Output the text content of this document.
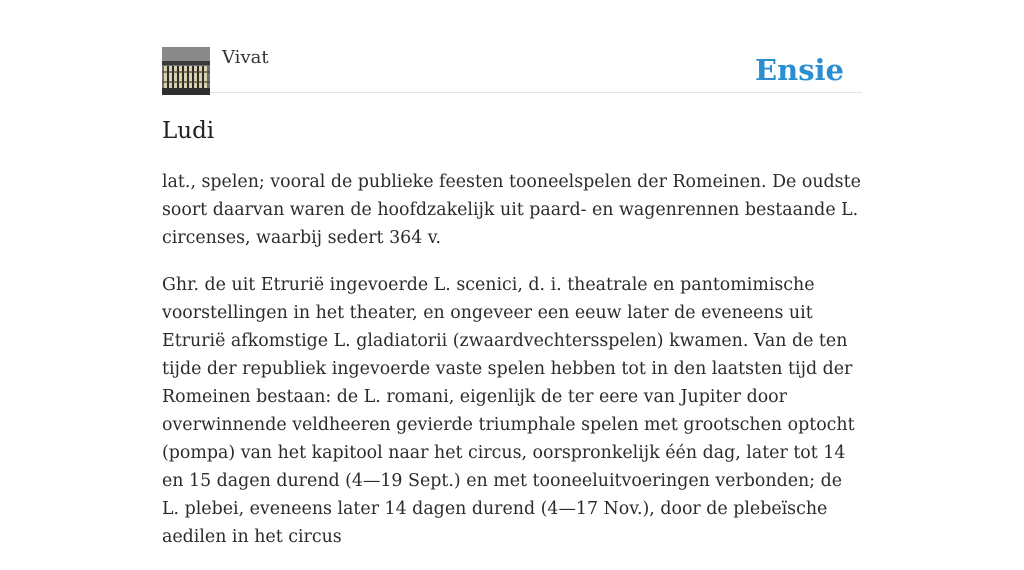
Vivat	Ensie
Ludi

lat., spelen; vooral de publieke feesten tooneelspelen der Romeinen. De oudste soort daarvan waren de hoofdzakelijk uit paard- en wagenrennen bestaande L. circenses, waarbij sedert 364 v.

Ghr. de uit Etrurië ingevoerde L. scenici, d. i. theatrale en pantomimische voorstellingen in het theater, en ongeveer een eeuw later de eveneens uit Etrurië afkomstige L. gladiatorii (zwaardvechtersspelen) kwamen. Van de ten tijde der republiek ingevoerde vaste spelen hebben tot in den laatsten tijd der Romeinen bestaan: de L. romani, eigenlijk de ter eere van Jupiter door overwinnende veldheeren gevierde triumphale spelen met grootschen optocht (pompa) van het kapitool naar het circus, oorspronkelijk één dag, later tot 14 en 15 dagen durend (4—19 Sept.) en met tooneeluitvoeringen verbonden; de L. plebei, eveneens later 14 dagen durend (4—17 Nov.), door de plebeïsche aedilen in het circus
